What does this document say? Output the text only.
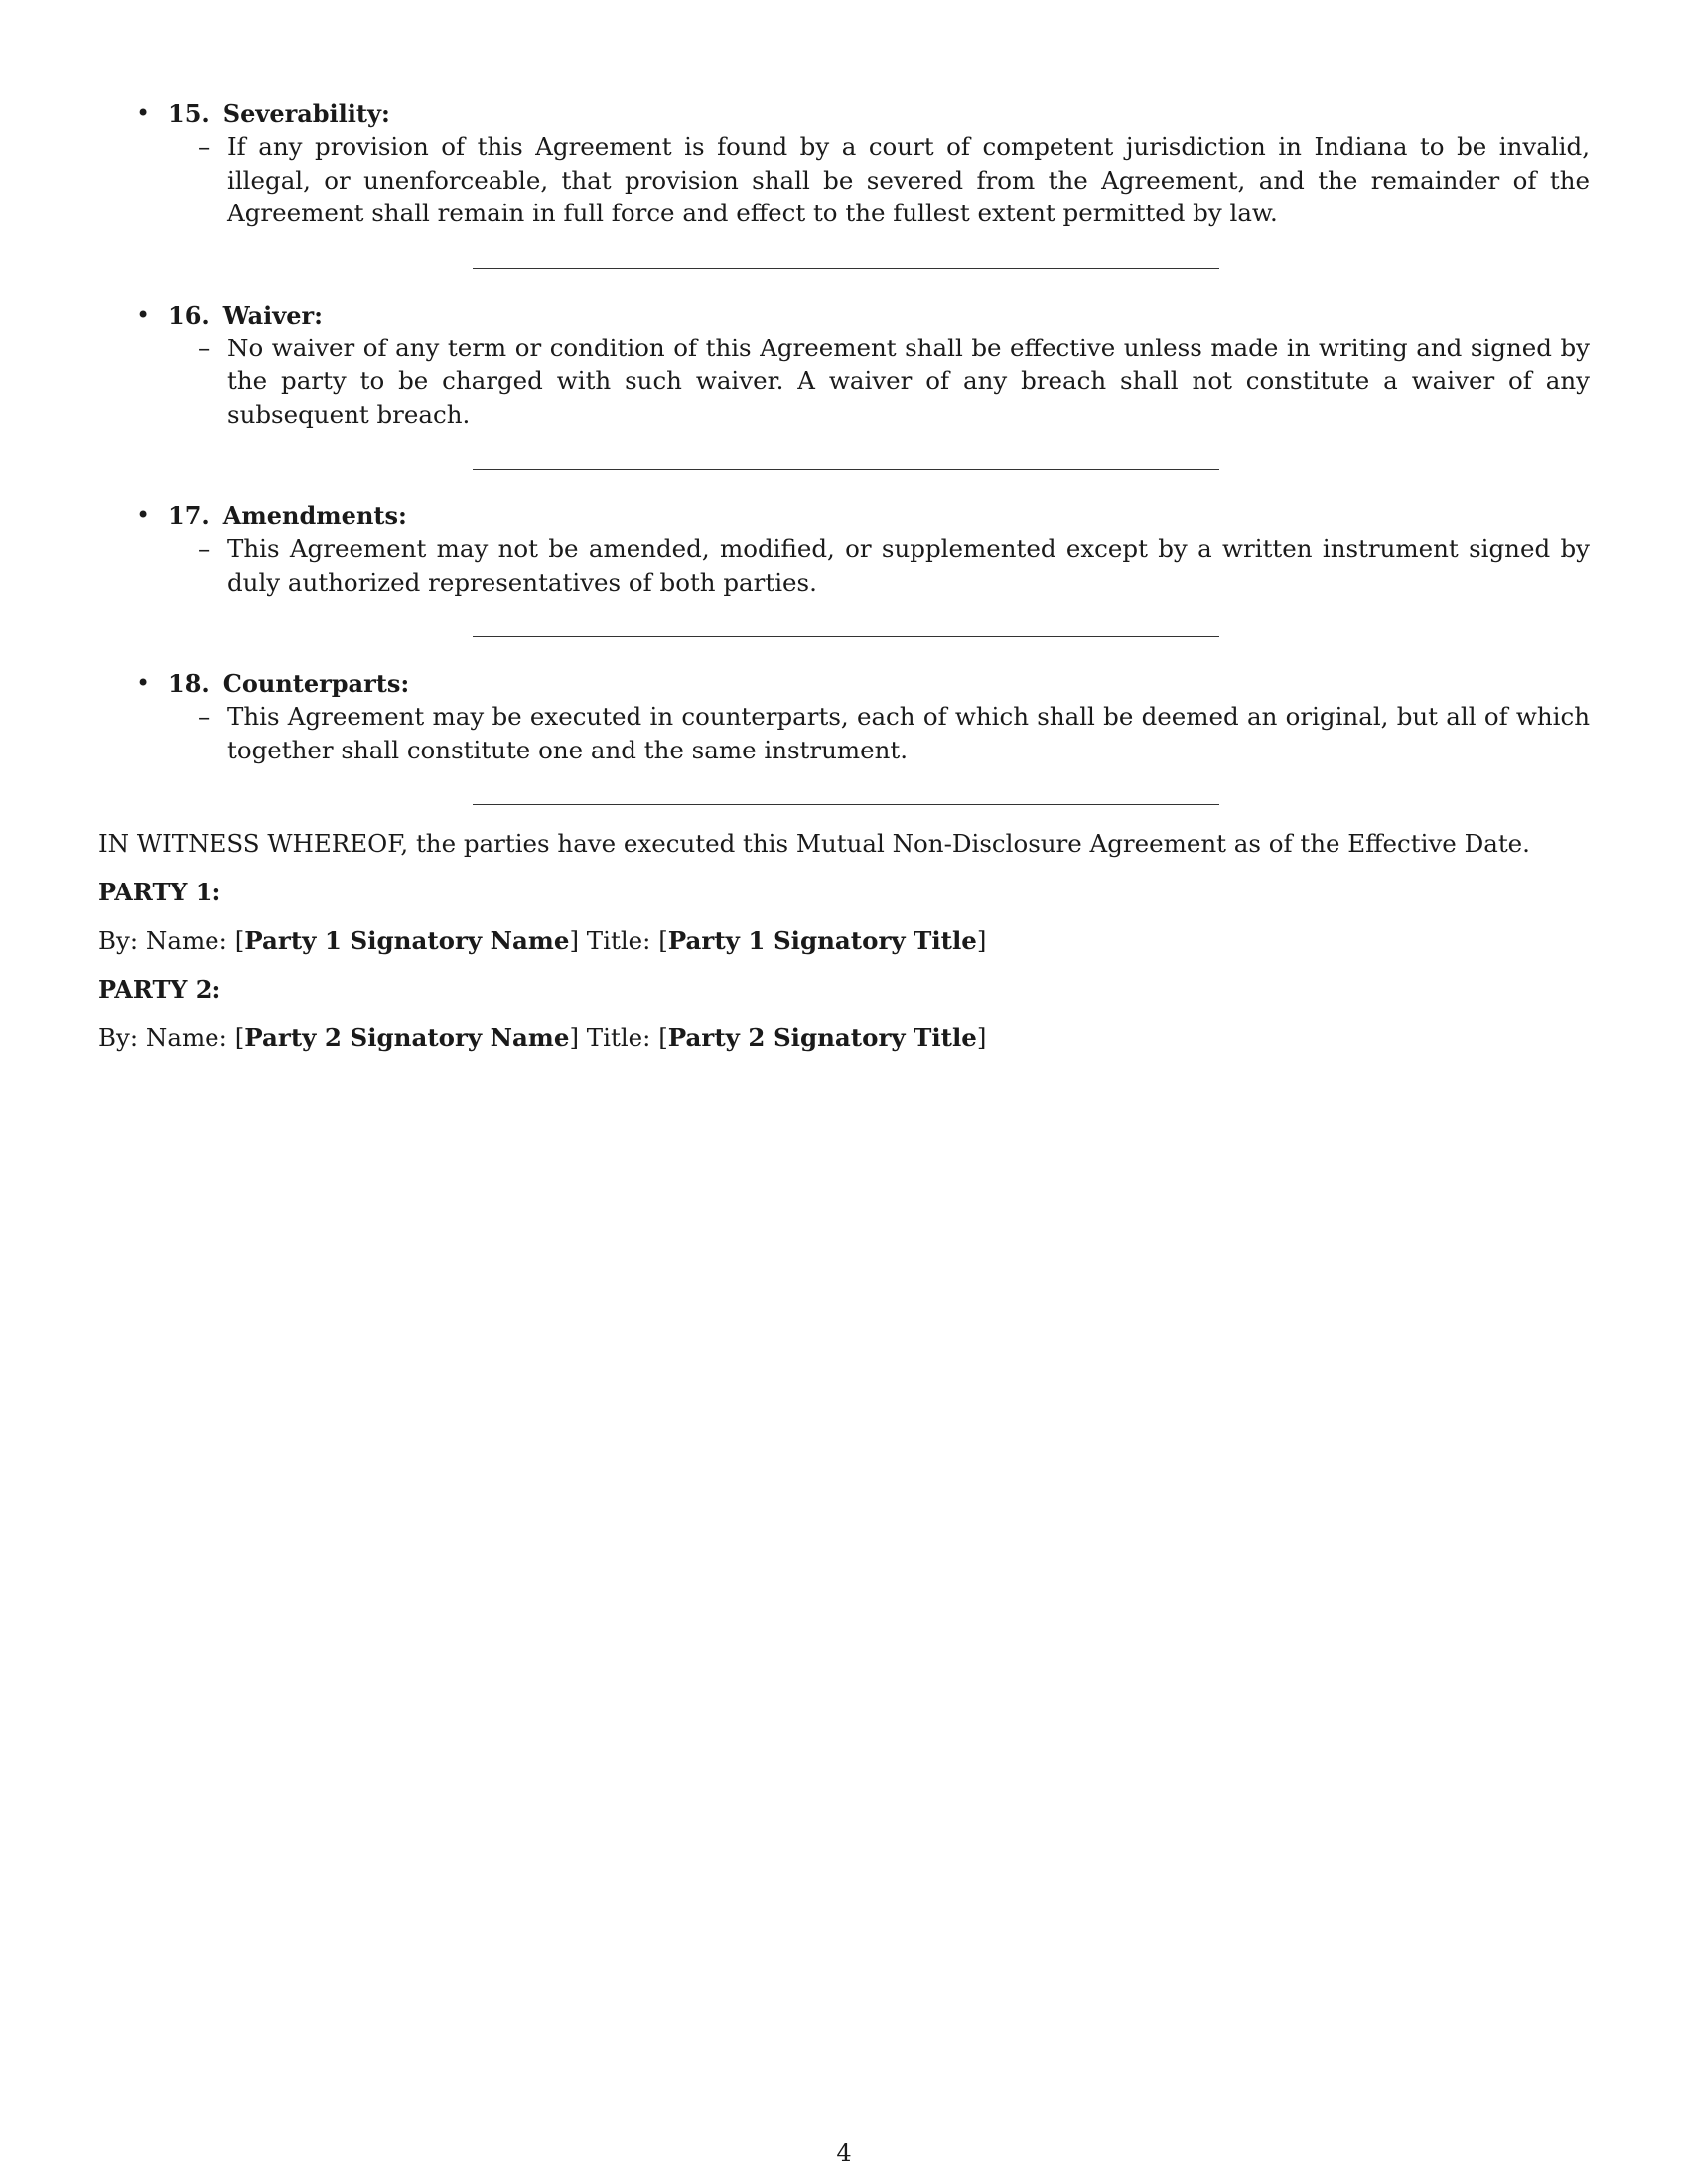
• 15. Severability:
– If any provision of this Agreement is found by a court of competent jurisdiction in Indiana to be invalid, illegal, or unenforceable, that provision shall be severed from the Agreement, and the remainder of the Agreement shall remain in full force and effect to the fullest extent permitted by law.
• 16. Waiver:
– No waiver of any term or condition of this Agreement shall be effective unless made in writing and signed by the party to be charged with such waiver. A waiver of any breach shall not constitute a waiver of any subsequent breach.
• 17. Amendments:
– This Agreement may not be amended, modified, or supplemented except by a written instrument signed by duly authorized representatives of both parties.
• 18. Counterparts:
– This Agreement may be executed in counterparts, each of which shall be deemed an original, but all of which together shall constitute one and the same instrument.
IN WITNESS WHEREOF, the parties have executed this Mutual Non-Disclosure Agreement as of the Effective Date.
PARTY 1:
By: Name: [Party 1 Signatory Name] Title: [Party 1 Signatory Title]
PARTY 2:
By: Name: [Party 2 Signatory Name] Title: [Party 2 Signatory Title]
4
